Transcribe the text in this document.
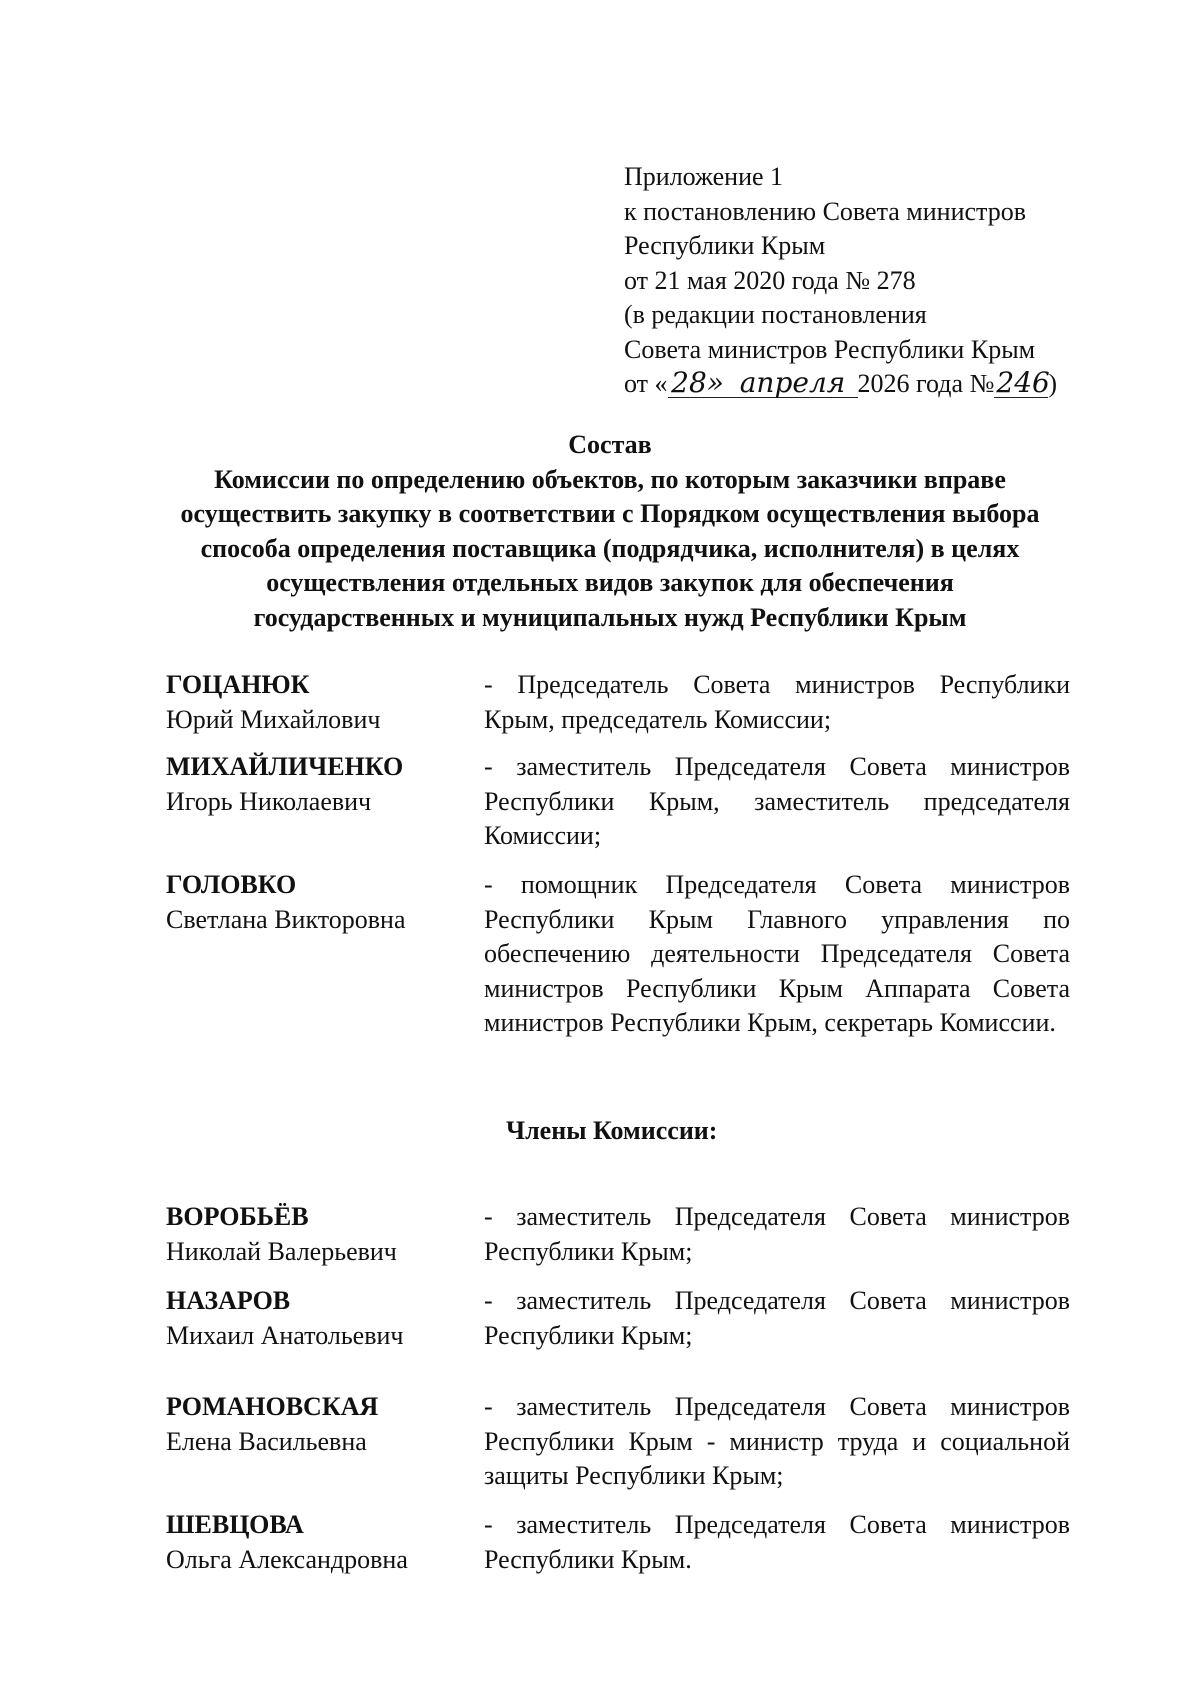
Приложение 1
к постановлению Совета министров
Республики Крым
от 21 мая 2020 года № 278
(в редакции постановления
Совета министров Республики Крым
от « 28» апреля 2026 года №246)
Состав
Комиссии по определению объектов, по которым заказчики вправе
осуществить закупку в соответствии с Порядком осуществления выбора
способа определения поставщика (подрядчика, исполнителя) в целях
осуществления отдельных видов закупок для обеспечения
государственных и муниципальных нужд Республики Крым
ГОЦАНЮК
Юрий Михайлович
- Председатель Совета министров Республики Крым, председатель Комиссии;
МИХАЙЛИЧЕНКО
Игорь Николаевич
- заместитель Председателя Совета министров Республики Крым, заместитель председателя Комиссии;
ГОЛОВКО
Светлана Викторовна
- помощник Председателя Совета министров Республики Крым Главного управления по обеспечению деятельности Председателя Совета министров Республики Крым Аппарата Совета министров Республики Крым, секретарь Комиссии.
Члены Комиссии:
ВОРОБЬЁВ
Николай Валерьевич
- заместитель Председателя Совета министров Республики Крым;
НАЗАРОВ
Михаил Анатольевич
- заместитель Председателя Совета министров Республики Крым;
РОМАНОВСКАЯ
Елена Васильевна
- заместитель Председателя Совета министров Республики Крым - министр труда и социальной защиты Республики Крым;
ШЕВЦОВА
Ольга Александровна
- заместитель Председателя Совета министров Республики Крым.
